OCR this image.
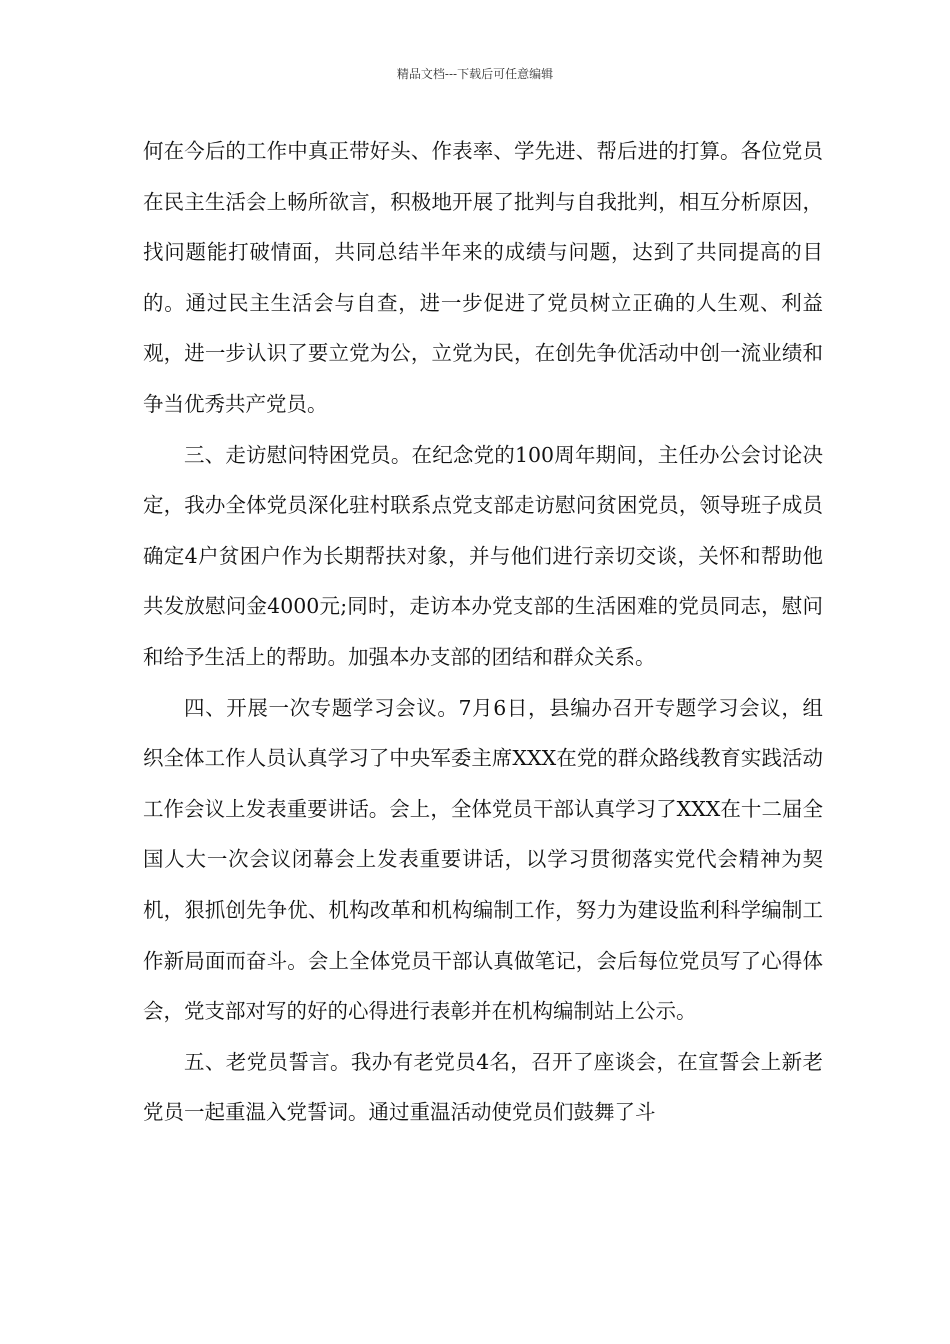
精品文档---下载后可任意编辑

何在今后的工作中真正带好头、作表率、学先进、帮后进的打算。各位党员在民主生活会上畅所欲言，积极地开展了批判与自我批判，相互分析原因，找问题能打破情面，共同总结半年来的成绩与问题，达到了共同提高的目的。通过民主生活会与自查，进一步促进了党员树立正确的人生观、利益观，进一步认识了要立党为公，立党为民，在创先争优活动中创一流业绩和争当优秀共产党员。

三、走访慰问特困党员。在纪念党的100周年期间，主任办公会讨论决定，我办全体党员深化驻村联系点党支部走访慰问贫困党员，领导班子成员确定4户贫困户作为长期帮扶对象，并与他们进行亲切交谈，关怀和帮助他共发放慰问金4000元;同时，走访本办党支部的生活困难的党员同志，慰问和给予生活上的帮助。加强本办支部的团结和群众关系。

四、开展一次专题学习会议。7月6日，县编办召开专题学习会议，组织全体工作人员认真学习了中央军委主席XXX在党的群众路线教育实践活动工作会议上发表重要讲话。会上，全体党员干部认真学习了XXX在十二届全国人大一次会议闭幕会上发表重要讲话，以学习贯彻落实党代会精神为契机，狠抓创先争优、机构改革和机构编制工作，努力为建设监利科学编制工作新局面而奋斗。会上全体党员干部认真做笔记，会后每位党员写了心得体会，党支部对写的好的心得进行表彰并在机构编制站上公示。

五、老党员誓言。我办有老党员4名，召开了座谈会，在宣誓会上新老党员一起重温入党誓词。通过重温活动使党员们鼓舞了斗
